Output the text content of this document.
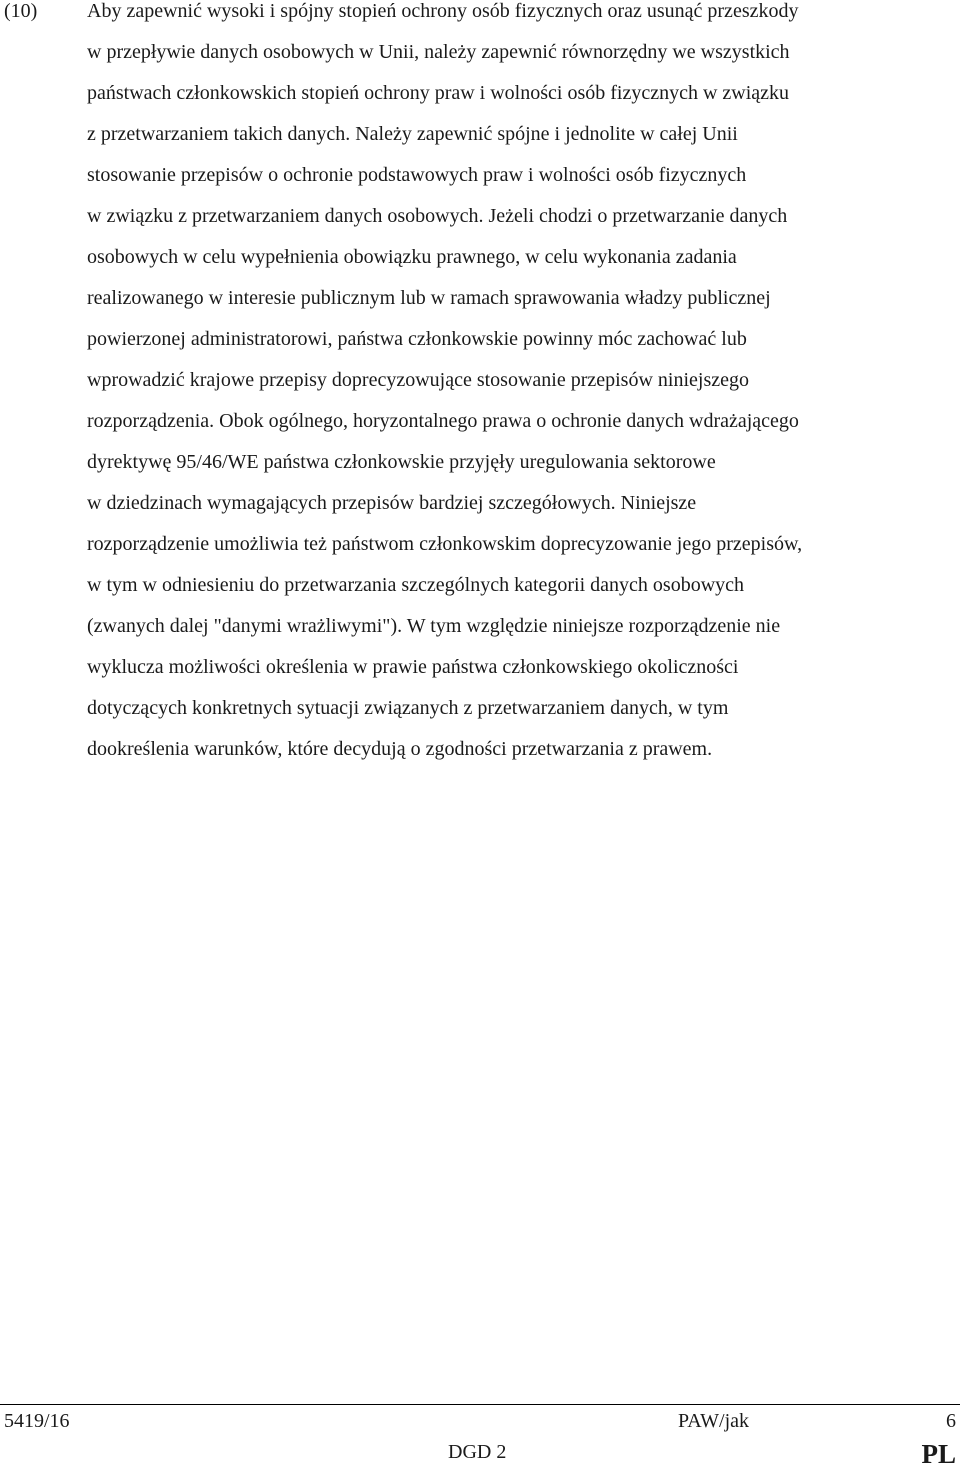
(10) Aby zapewnić wysoki i spójny stopień ochrony osób fizycznych oraz usunąć przeszkody
w przepływie danych osobowych w Unii, należy zapewnić równorzędny we wszystkich
państwach członkowskich stopień ochrony praw i wolności osób fizycznych w związku
z przetwarzaniem takich danych. Należy zapewnić spójne i jednolite w całej Unii
stosowanie przepisów o ochronie podstawowych praw i wolności osób fizycznych
w związku z przetwarzaniem danych osobowych. Jeżeli chodzi o przetwarzanie danych
osobowych w celu wypełnienia obowiązku prawnego, w celu wykonania zadania
realizowanego w interesie publicznym lub w ramach sprawowania władzy publicznej
powierzonej administratorowi, państwa członkowskie powinny móc zachować lub
wprowadzić krajowe przepisy doprecyzowujące stosowanie przepisów niniejszego
rozporządzenia. Obok ogólnego, horyzontalnego prawa o ochronie danych wdrażającego
dyrektywę 95/46/WE państwa członkowskie przyjęły uregulowania sektorowe
w dziedzinach wymagających przepisów bardziej szczegółowych. Niniejsze
rozporządzenie umożliwia też państwom członkowskim doprecyzowanie jego przepisów,
w tym w odniesieniu do przetwarzania szczególnych kategorii danych osobowych
(zwanych dalej "danymi wrażliwymi"). W tym względzie niniejsze rozporządzenie nie
wyklucza możliwości określenia w prawie państwa członkowskiego okoliczności
dotyczących konkretnych sytuacji związanych z przetwarzaniem danych, w tym
dookreślenia warunków, które decydują o zgodności przetwarzania z prawem.
5419/16	PAW/jak	6
DGD 2	PL
